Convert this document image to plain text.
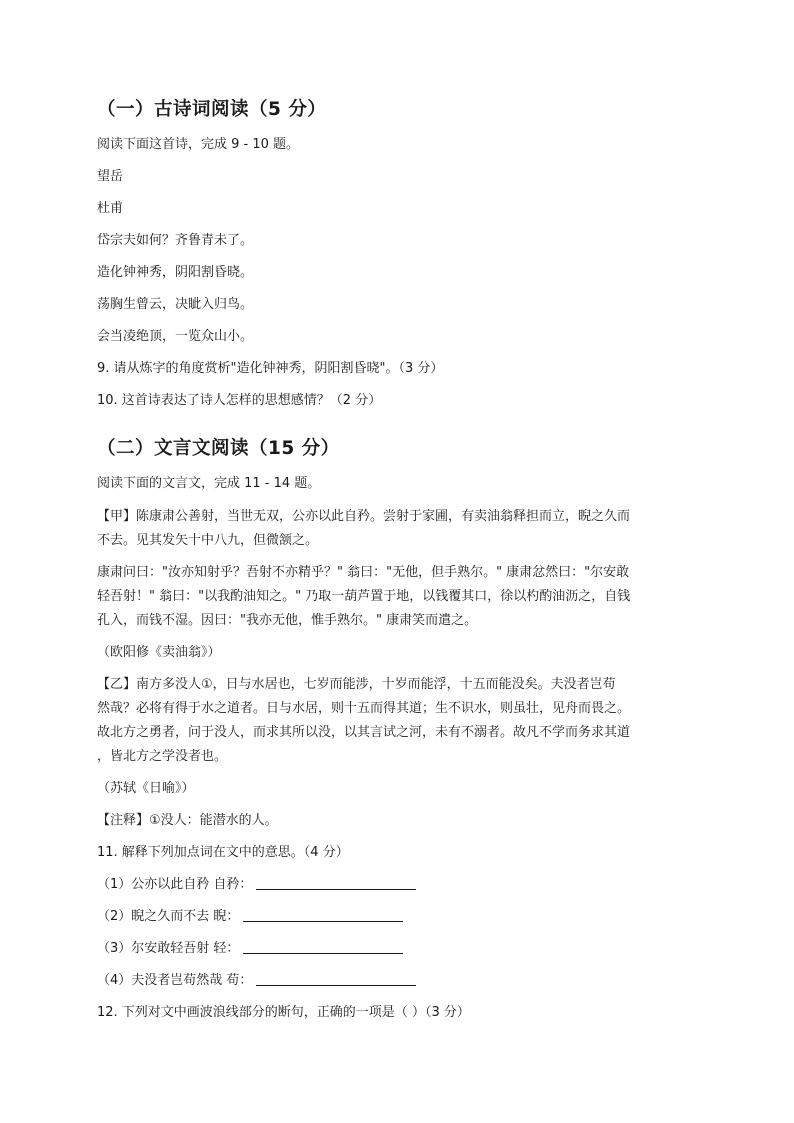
（一）古诗词阅读（5 分）
阅读下面这首诗，完成 9 - 10 题。
望岳
杜甫
岱宗夫如何？齐鲁青未了。
造化钟神秀，阴阳割昏晓。
荡胸生曾云，决眦入归鸟。
会当凌绝顶，一览众山小。
9. 请从炼字的角度赏析"造化钟神秀，阴阳割昏晓"。（3 分）
10. 这首诗表达了诗人怎样的思想感情？（2 分）
（二）文言文阅读（15 分）
阅读下面的文言文，完成 11 - 14 题。
【甲】陈康肃公善射，当世无双，公亦以此自矜。尝射于家圃，有卖油翁释担而立，睨之久而
不去。见其发矢十中八九，但微颔之。
康肃问曰："汝亦知射乎？吾射不亦精乎？" 翁曰："无他，但手熟尔。" 康肃忿然曰："尔安敢
轻吾射！" 翁曰："以我酌油知之。" 乃取一葫芦置于地，以钱覆其口，徐以杓酌油沥之，自钱
孔入，而钱不湿。因曰："我亦无他，惟手熟尔。" 康肃笑而遣之。
（欧阳修《卖油翁》）
【乙】南方多没人①，日与水居也，七岁而能涉，十岁而能浮，十五而能没矣。夫没者岂苟
然哉？必将有得于水之道者。日与水居，则十五而得其道；生不识水，则虽壮，见舟而畏之。
故北方之勇者，问于没人，而求其所以没，以其言试之河，未有不溺者。故凡不学而务求其道
，皆北方之学没者也。
（苏轼《日喻》）
【注释】①没人：能潜水的人。
11. 解释下列加点词在文中的意思。（4 分）
（1）公亦以此自矜 自矜：
（2）睨之久而不去 睨：
（3）尔安敢轻吾射 轻：
（4）夫没者岂苟然哉 苟：
12. 下列对文中画波浪线部分的断句，正确的一项是（ ）（3 分）
